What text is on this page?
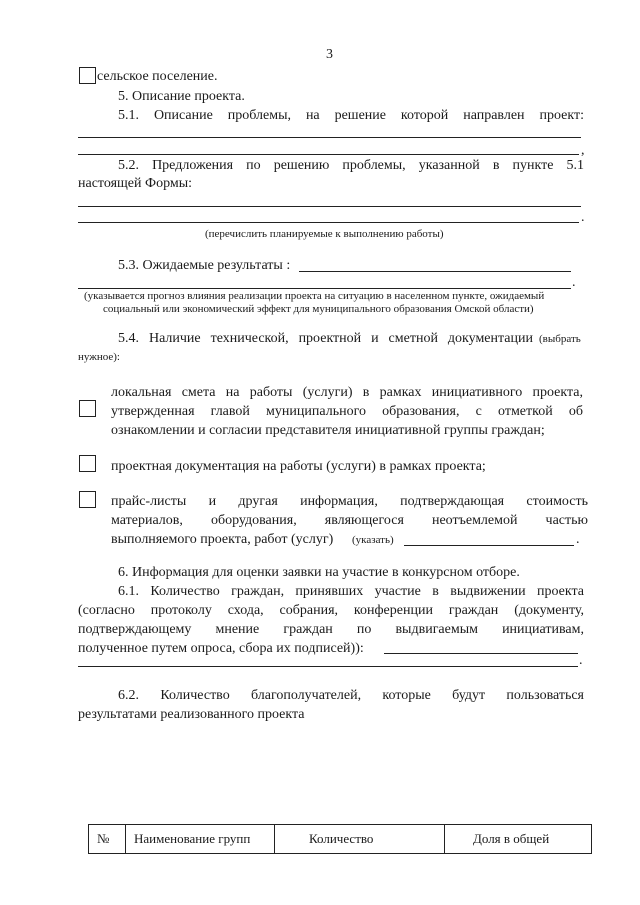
3
сельское поселение.
5. Описание проекта.
5.1. Описание проблемы, на решение которой направлен проект:
,
5.2. Предложения по решению проблемы, указанной в пункте 5.1
настоящей Формы:
.
(перечислить планируемые к выполнению работы)
5.3. Ожидаемые результаты :
.
(указывается прогноз влияния реализации проекта на ситуацию в населенном пункте, ожидаемый
социальный или экономический эффект для муниципального образования Омской области)
5.4. Наличие технической, проектной и сметной документации (выбрать
нужное):
локальная смета на работы (услуги) в рамках инициативного проекта,
утвержденная главой муниципального образования, с отметкой об
ознакомлении и согласии представителя инициативной группы граждан;
проектная документация на работы (услуги) в рамках проекта;
прайс-листы и другая информация, подтверждающая стоимость
материалов, оборудования, являющегося неотъемлемой частью
выполняемого проекта, работ (услуг) (указать)	.
6. Информация для оценки заявки на участие в конкурсном отборе.
6.1. Количество граждан, принявших участие в выдвижении проекта
(согласно протоколу схода, собрания, конференции граждан (документу,
подтверждающему мнение граждан по выдвигаемым инициативам,
полученное путем опроса, сбора их подписей)):
.
6.2. Количество благополучателей, которые будут пользоваться
результатами реализованного проекта
№	Наименование групп	Количество	Доля в общей
